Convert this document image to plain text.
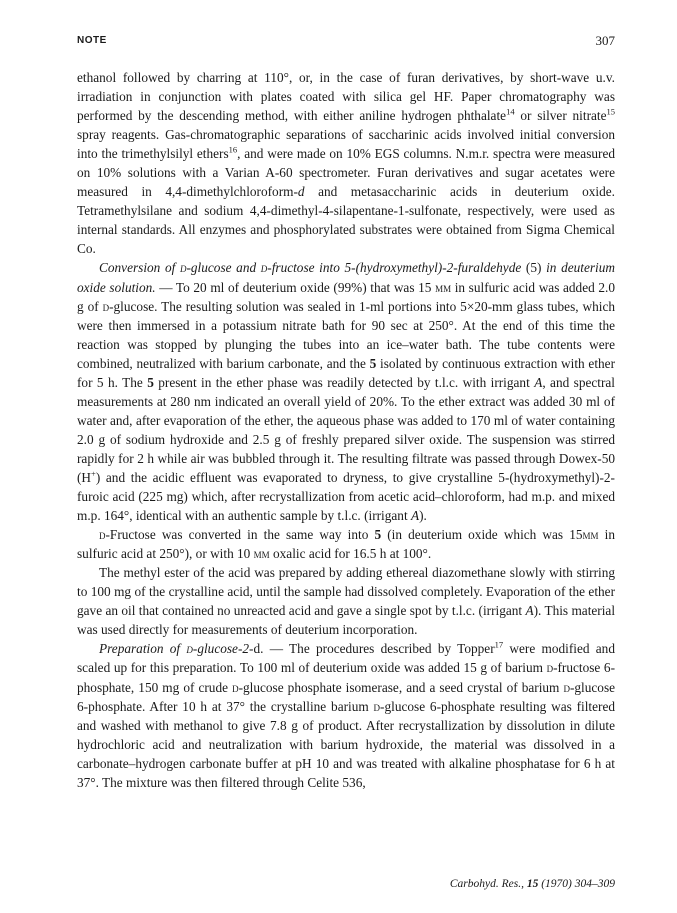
NOTE	307

ethanol followed by charring at 110°, or, in the case of furan derivatives, by short-wave u.v. irradiation in conjunction with plates coated with silica gel HF. Paper chromatography was performed by the descending method, with either aniline hydrogen phthalate$^{14}$ or silver nitrate$^{15}$ spray reagents. Gas-chromatographic separations of saccharinic acids involved initial conversion into the trimethylsilyl ethers$^{16}$, and were made on 10% EGS columns. N.m.r. spectra were measured on 10% solutions with a Varian A-60 spectrometer. Furan derivatives and sugar acetates were measured in 4,4-dimethylchloroform-d and metasaccharinic acids in deuterium oxide. Tetramethylsilane and sodium 4,4-dimethyl-4-silapentane-1-sulfonate, respectively, were used as internal standards. All enzymes and phosphorylated substrates were obtained from Sigma Chemical Co.

Conversion of d-glucose and d-fructose into 5-(hydroxymethyl)-2-furaldehyde (5) in deuterium oxide solution. — To 20 ml of deuterium oxide (99%) that was 15 mm in sulfuric acid was added 2.0 g of d-glucose. The resulting solution was sealed in 1-ml portions into 5×20-mm glass tubes, which were then immersed in a potassium nitrate bath for 90 sec at 250°. At the end of this time the reaction was stopped by plunging the tubes into an ice–water bath. The tube contents were combined, neutralized with barium carbonate, and the 5 isolated by continuous extraction with ether for 5 h. The 5 present in the ether phase was readily detected by t.l.c. with irrigant A, and spectral measurements at 280 nm indicated an overall yield of 20%. To the ether extract was added 30 ml of water and, after evaporation of the ether, the aqueous phase was added to 170 ml of water containing 2.0 g of sodium hydroxide and 2.5 g of freshly prepared silver oxide. The suspension was stirred rapidly for 2 h while air was bubbled through it. The resulting filtrate was passed through Dowex-50 (H+) and the acidic effluent was evaporated to dryness, to give crystalline 5-(hydroxymethyl)-2-furoic acid (225 mg) which, after recrystallization from acetic acid–chloroform, had m.p. and mixed m.p. 164°, identical with an authentic sample by t.l.c. (irrigant A).

d-Fructose was converted in the same way into 5 (in deuterium oxide which was 15mm in sulfuric acid at 250°), or with 10 mm oxalic acid for 16.5 h at 100°.

The methyl ester of the acid was prepared by adding ethereal diazomethane slowly with stirring to 100 mg of the crystalline acid, until the sample had dissolved completely. Evaporation of the ether gave an oil that contained no unreacted acid and gave a single spot by t.l.c. (irrigant A). This material was used directly for measurements of deuterium incorporation.

Preparation of d-glucose-2-d. — The procedures described by Topper$^{17}$ were modified and scaled up for this preparation. To 100 ml of deuterium oxide was added 15 g of barium d-fructose 6-phosphate, 150 mg of crude d-glucose phosphate isomerase, and a seed crystal of barium d-glucose 6-phosphate. After 10 h at 37° the crystalline barium d-glucose 6-phosphate resulting was filtered and washed with methanol to give 7.8 g of product. After recrystallization by dissolution in dilute hydrochloric acid and neutralization with barium hydroxide, the material was dissolved in a carbonate–hydrogen carbonate buffer at pH 10 and was treated with alkaline phosphatase for 6 h at 37°. The mixture was then filtered through Celite 536,

Carbohyd. Res., 15 (1970) 304–309
